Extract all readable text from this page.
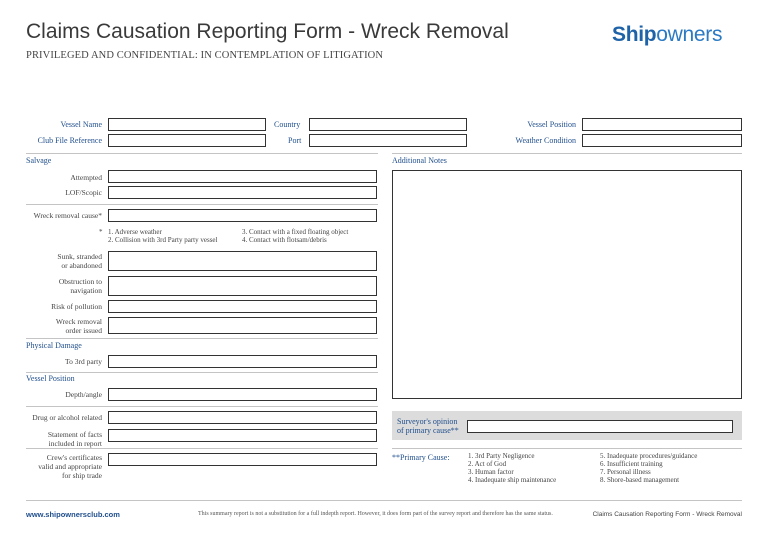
Claims Causation Reporting Form - Wreck Removal
PRIVILEGED AND CONFIDENTIAL: IN CONTEMPLATION OF LITIGATION
Shipowners
Vessel Name	Country	Vessel Position
Club File Reference	Port	Weather Condition
Salvage
Attempted
LOF/Scopic
Wreck removal cause*
* 1. Adverse weather
2. Collision with 3rd Party party vessel
3. Contact with a fixed floating object
4. Contact with flotsam/debris
Sunk, stranded
or abandoned
Obstruction to
navigation
Risk of pollution
Wreck removal
order issued
Physical Damage
To 3rd party
Vessel Position
Depth/angle
Drug or alcohol related
Statement of facts
included in report
Crew's certificates
valid and appropriate
for ship trade
Additional Notes
Surveyor's opinion
of primary cause**
**Primary Cause:	1. 3rd Party Negligence
2. Act of God
3. Human factor
4. Inadequate ship maintenance
5. Inadequate procedures/guidance
6. Insufficient training
7. Personal illness
8. Shore-based management
www.shipownersclub.com	This summary report is not a substitution for a full indepth report. However, it does form part of the survey report and therefore has the same status.	Claims Causation Reporting Form - Wreck Removal
